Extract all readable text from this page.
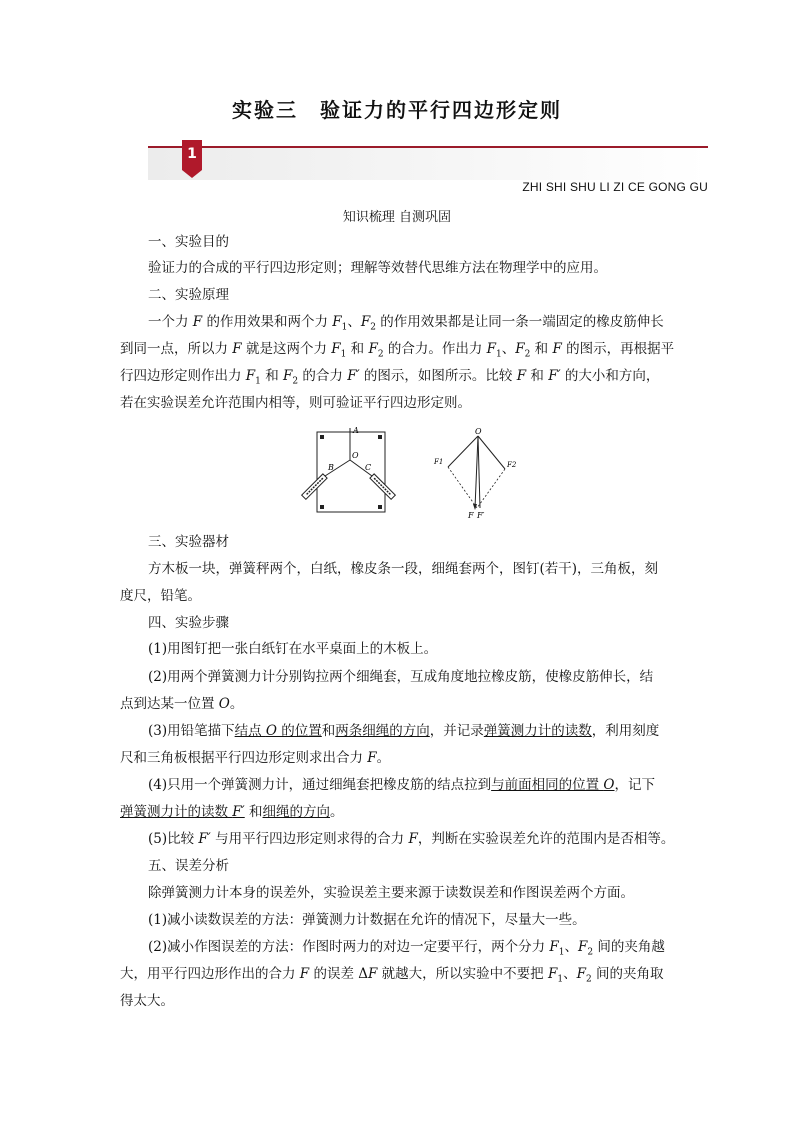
实验三　验证力的平行四边形定则
1
ZHI SHI SHU LI ZI CE GONG GU
知识梳理 自测巩固
一、实验目的
验证力的合成的平行四边形定则；理解等效替代思维方法在物理学中的应用。
二、实验原理
一个力 F 的作用效果和两个力 $F_1$、$F_2$ 的作用效果都是让同一条一端固定的橡皮筋伸长
到同一点，所以力 F 就是这两个力 $F_1$ 和 $F_2$ 的合力。作出力 $F_1$、$F_2$ 和 F 的图示，再根据平
行四边形定则作出力 $F_1$ 和 $F_2$ 的合力 F′ 的图示，如图所示。比较 F 和 F′ 的大小和方向，
若在实验误差允许范围内相等，则可验证平行四边形定则。
A
O
B	C
O
F1	F2
F F′
三、实验器材
方木板一块，弹簧秤两个，白纸，橡皮条一段，细绳套两个，图钉(若干)，三角板，刻
度尺，铅笔。
四、实验步骤
(1)用图钉把一张白纸钉在水平桌面上的木板上。
(2)用两个弹簧测力计分别钩拉两个细绳套，互成角度地拉橡皮筋，使橡皮筋伸长，结
点到达某一位置 O。
(3)用铅笔描下结点 O 的位置和两条细绳的方向，并记录弹簧测力计的读数，利用刻度
尺和三角板根据平行四边形定则求出合力 F。
(4)只用一个弹簧测力计，通过细绳套把橡皮筋的结点拉到与前面相同的位置 O，记下
弹簧测力计的读数 F′ 和细绳的方向。
(5)比较 F′ 与用平行四边形定则求得的合力 F，判断在实验误差允许的范围内是否相等。
五、误差分析
除弹簧测力计本身的误差外，实验误差主要来源于读数误差和作图误差两个方面。
(1)减小读数误差的方法：弹簧测力计数据在允许的情况下，尽量大一些。
(2)减小作图误差的方法：作图时两力的对边一定要平行，两个分力 $F_1$、$F_2$ 间的夹角越
大，用平行四边形作出的合力 F 的误差 ΔF 就越大，所以实验中不要把 $F_1$、$F_2$ 间的夹角取
得太大。
